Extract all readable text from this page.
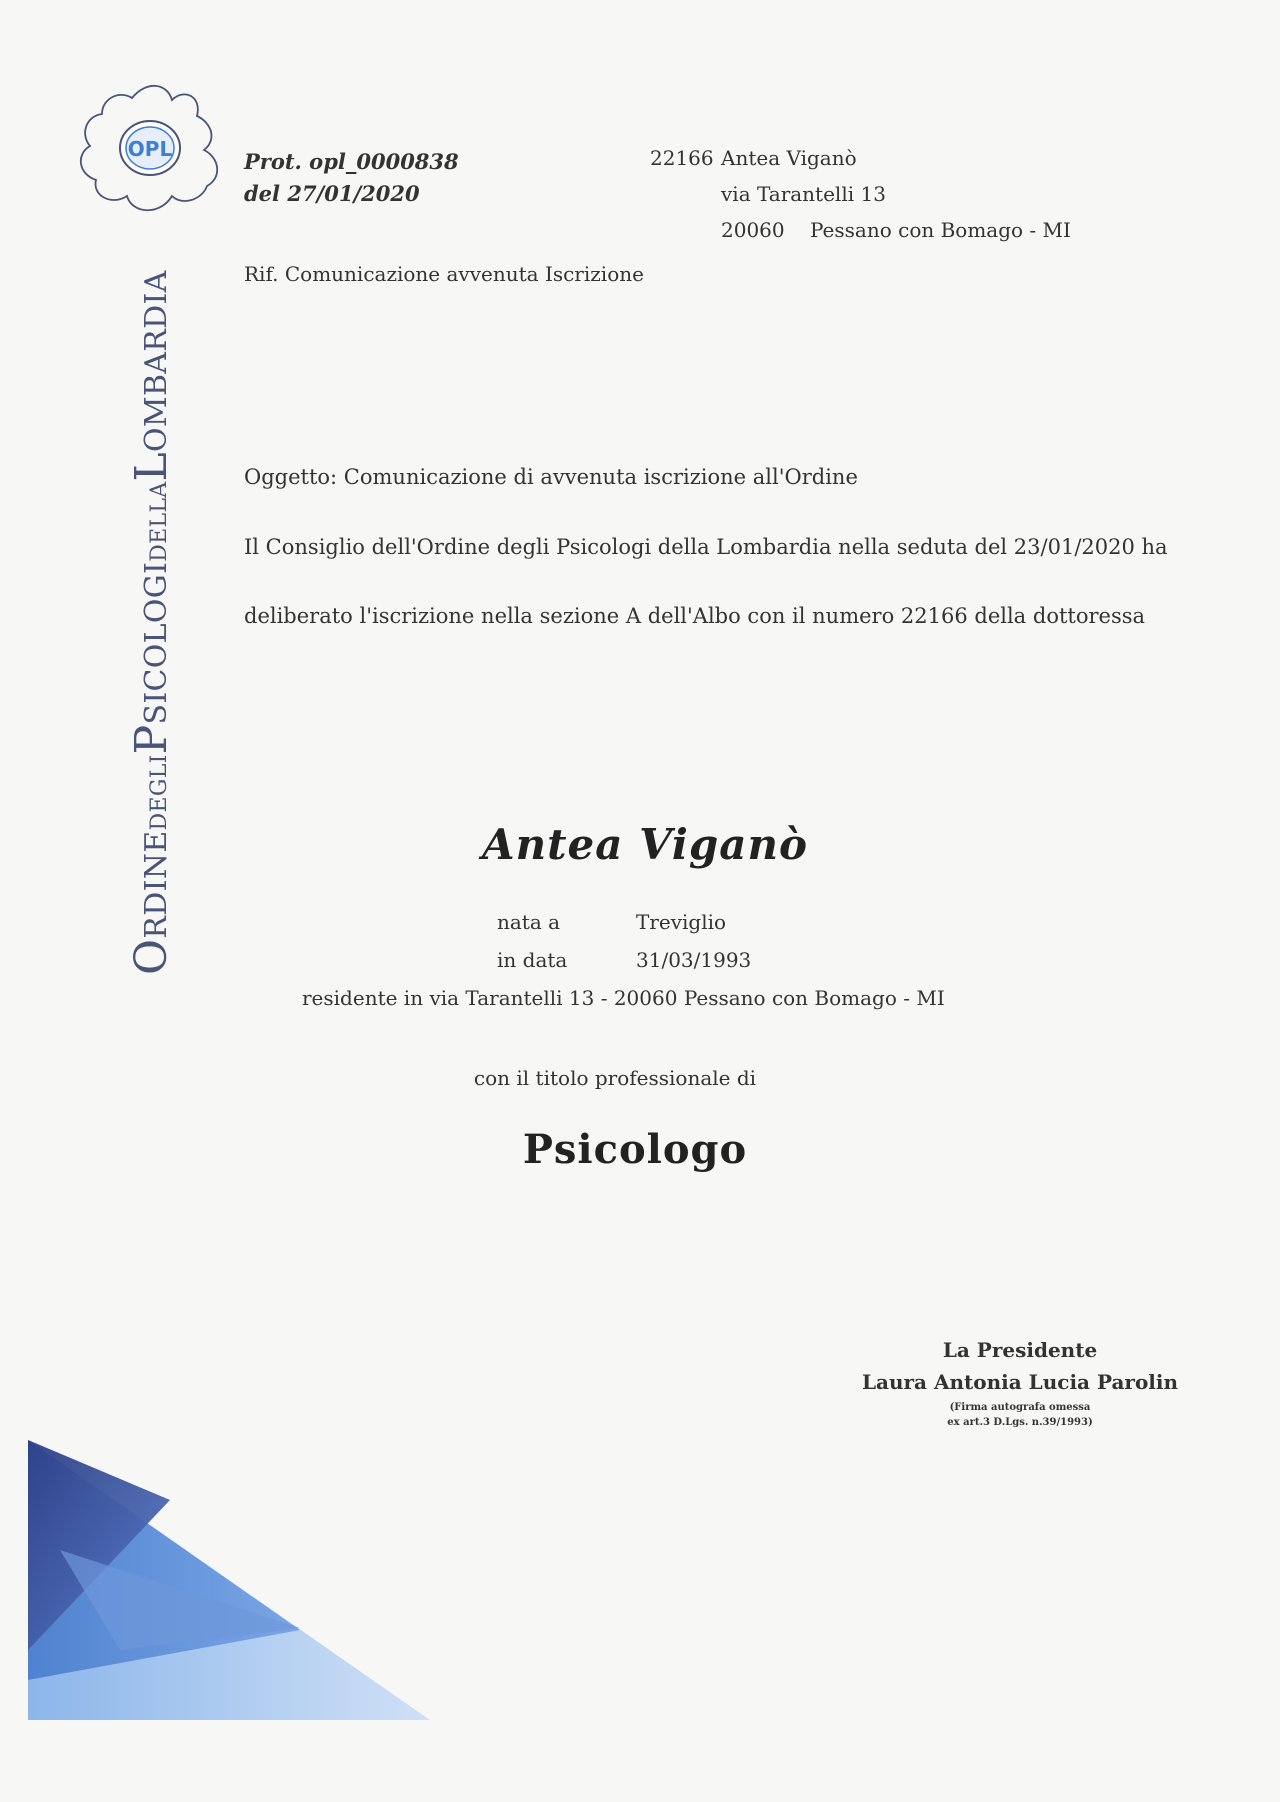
OPL
ORDINEDEGLIPSICOLOGIDELLALOMBARDIA
Prot. opl_0000838
del 27/01/2020
22166 Antea Viganò
via Tarantelli 13
20060 Pessano con Bomago - MI
Rif. Comunicazione avvenuta Iscrizione
Oggetto: Comunicazione di avvenuta iscrizione all'Ordine
Il Consiglio dell'Ordine degli Psicologi della Lombardia nella seduta del 23/01/2020 ha
deliberato l'iscrizione nella sezione A dell'Albo con il numero 22166 della dottoressa
Antea Viganò
nata a	Treviglio
in data	31/03/1993
residente in via Tarantelli 13 - 20060 Pessano con Bomago - MI
con il titolo professionale di
Psicologo
La Presidente
Laura Antonia Lucia Parolin
(Firma autografa omessa
ex art.3 D.Lgs. n.39/1993)
